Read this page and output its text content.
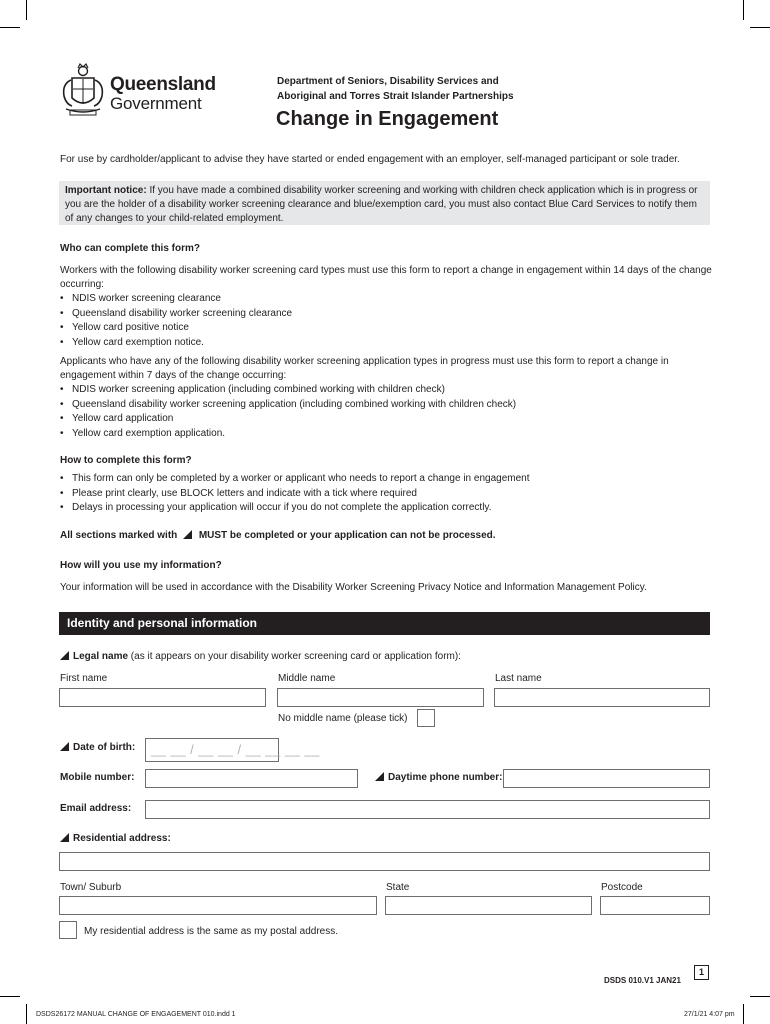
Queensland
Government
Department of Seniors, Disability Services and
Aboriginal and Torres Strait Islander Partnerships
Change in Engagement
For use by cardholder/applicant to advise they have started or ended engagement with an employer, self-managed participant or sole trader.
Important notice: If you have made a combined disability worker screening and working with children check application which is in progress or you are the holder of a disability worker screening clearance and blue/exemption card, you must also contact Blue Card Services to notify them of any changes to your child-related employment.
Who can complete this form?
Workers with the following disability worker screening card types must use this form to report a change in engagement within 14 days of the change occurring:
• NDIS worker screening clearance
• Queensland disability worker screening clearance
• Yellow card positive notice
• Yellow card exemption notice.
Applicants who have any of the following disability worker screening application types in progress must use this form to report a change in engagement within 7 days of the change occurring:
• NDIS worker screening application (including combined working with children check)
• Queensland disability worker screening application (including combined working with children check)
• Yellow card application
• Yellow card exemption application.
How to complete this form?
• This form can only be completed by a worker or applicant who needs to report a change in engagement
• Please print clearly, use BLOCK letters and indicate with a tick where required
• Delays in processing your application will occur if you do not complete the application correctly.
All sections marked with MUST be completed or your application can not be processed.
How will you use my information?
Your information will be used in accordance with the Disability Worker Screening Privacy Notice and Information Management Policy.
Identity and personal information
Legal name (as it appears on your disability worker screening card or application form):
First name	Middle name	Last name
No middle name (please tick)
Date of birth: __ __ / __ __ / __ __ __ __
Mobile number:	Daytime phone number:
Email address:
Residential address:
Town/ Suburb	State	Postcode
My residential address is the same as my postal address.
DSDS 010.V1 JAN21
1
DSDS26172 MANUAL CHANGE OF ENGAGEMENT 010.indd 1	27/1/21 4:07 pm
